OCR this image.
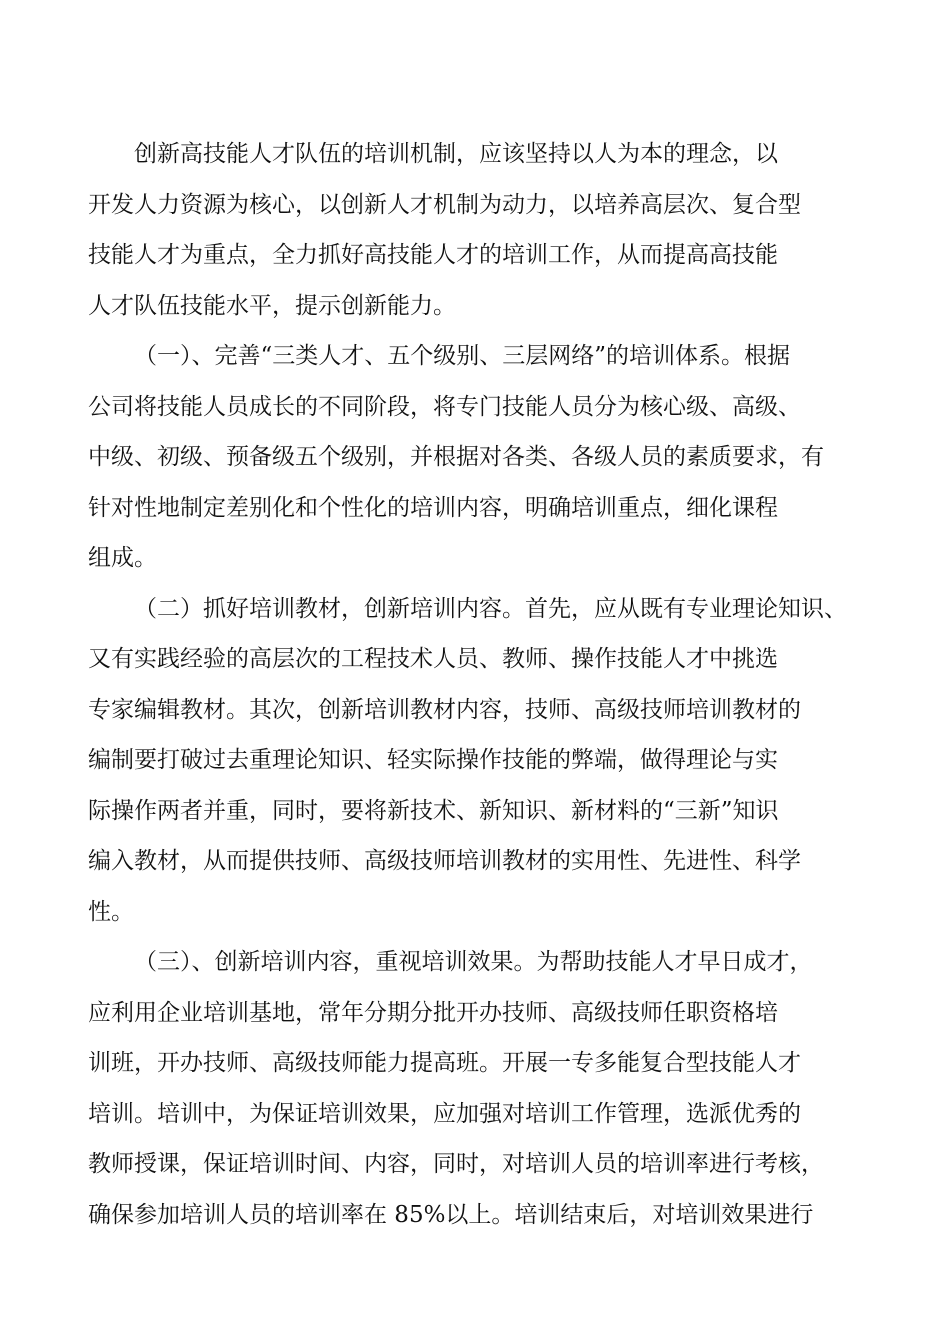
创新高技能人才队伍的培训机制，应该坚持以人为本的理念，以
开发人力资源为核心，以创新人才机制为动力，以培养高层次、复合型
技能人才为重点，全力抓好高技能人才的培训工作，从而提高高技能
人才队伍技能水平，提示创新能力。
（一）、完善“三类人才、五个级别、三层网络”的培训体系。根据
公司将技能人员成长的不同阶段，将专门技能人员分为核心级、高级、
中级、初级、预备级五个级别，并根据对各类、各级人员的素质要求，有
针对性地制定差别化和个性化的培训内容，明确培训重点，细化课程
组成。
（二）抓好培训教材，创新培训内容。首先，应从既有专业理论知识、
又有实践经验的高层次的工程技术人员、教师、操作技能人才中挑选
专家编辑教材。其次，创新培训教材内容，技师、高级技师培训教材的
编制要打破过去重理论知识、轻实际操作技能的弊端，做得理论与实
际操作两者并重，同时，要将新技术、新知识、新材料的“三新”知识
编入教材，从而提供技师、高级技师培训教材的实用性、先进性、科学
性。
（三）、创新培训内容，重视培训效果。为帮助技能人才早日成才，
应利用企业培训基地，常年分期分批开办技师、高级技师任职资格培
训班，开办技师、高级技师能力提高班。开展一专多能复合型技能人才
培训。培训中，为保证培训效果，应加强对培训工作管理，选派优秀的
教师授课，保证培训时间、内容，同时，对培训人员的培训率进行考核，
确保参加培训人员的培训率在 85%以上。培训结束后，对培训效果进行
